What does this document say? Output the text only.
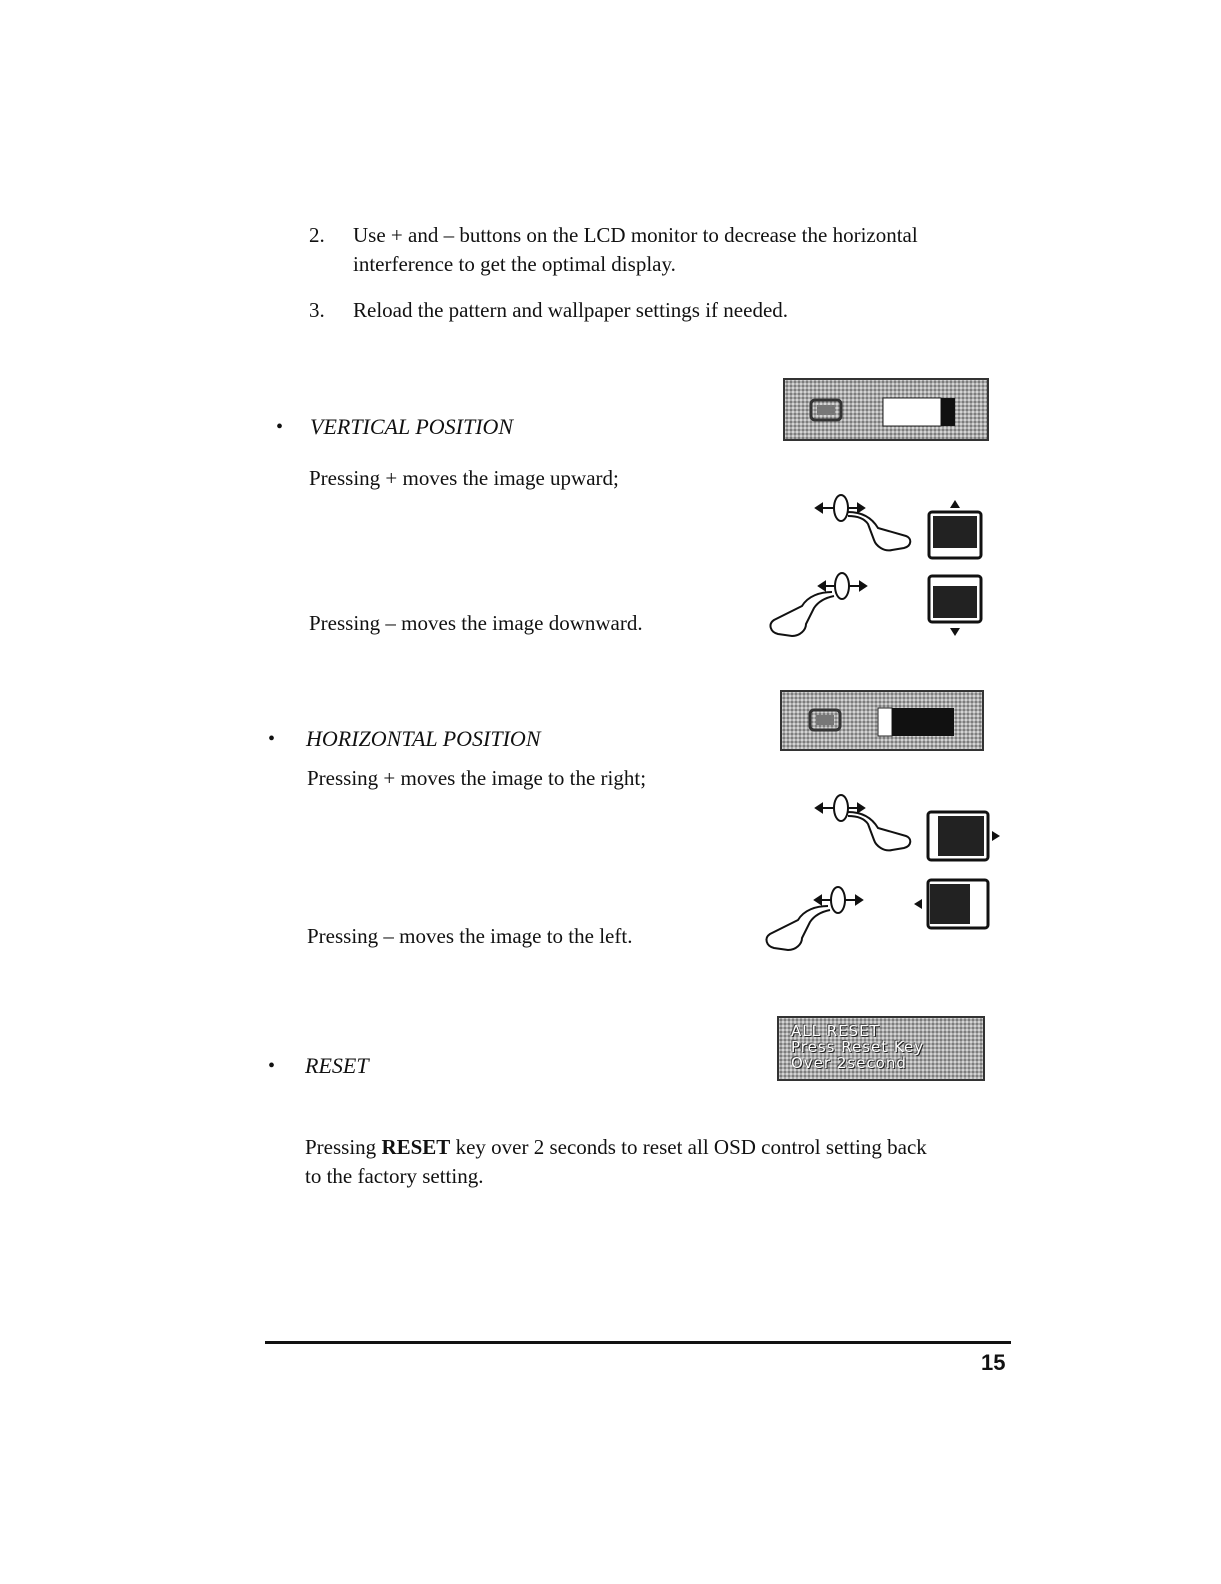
2.	Use + and – buttons on the LCD monitor to decrease the horizontal
interference to get the optimal display.
3.	Reload the pattern and wallpaper settings if needed.
• VERTICAL POSITION
Pressing + moves the image upward;
Pressing – moves the image downward.
• HORIZONTAL POSITION
Pressing + moves the image to the right;
Pressing – moves the image to the left.
• RESET
ALL RESET
Press Reset Key
Over 2second
Pressing RESET key over 2 seconds to reset all OSD control setting back
to the factory setting.
15
